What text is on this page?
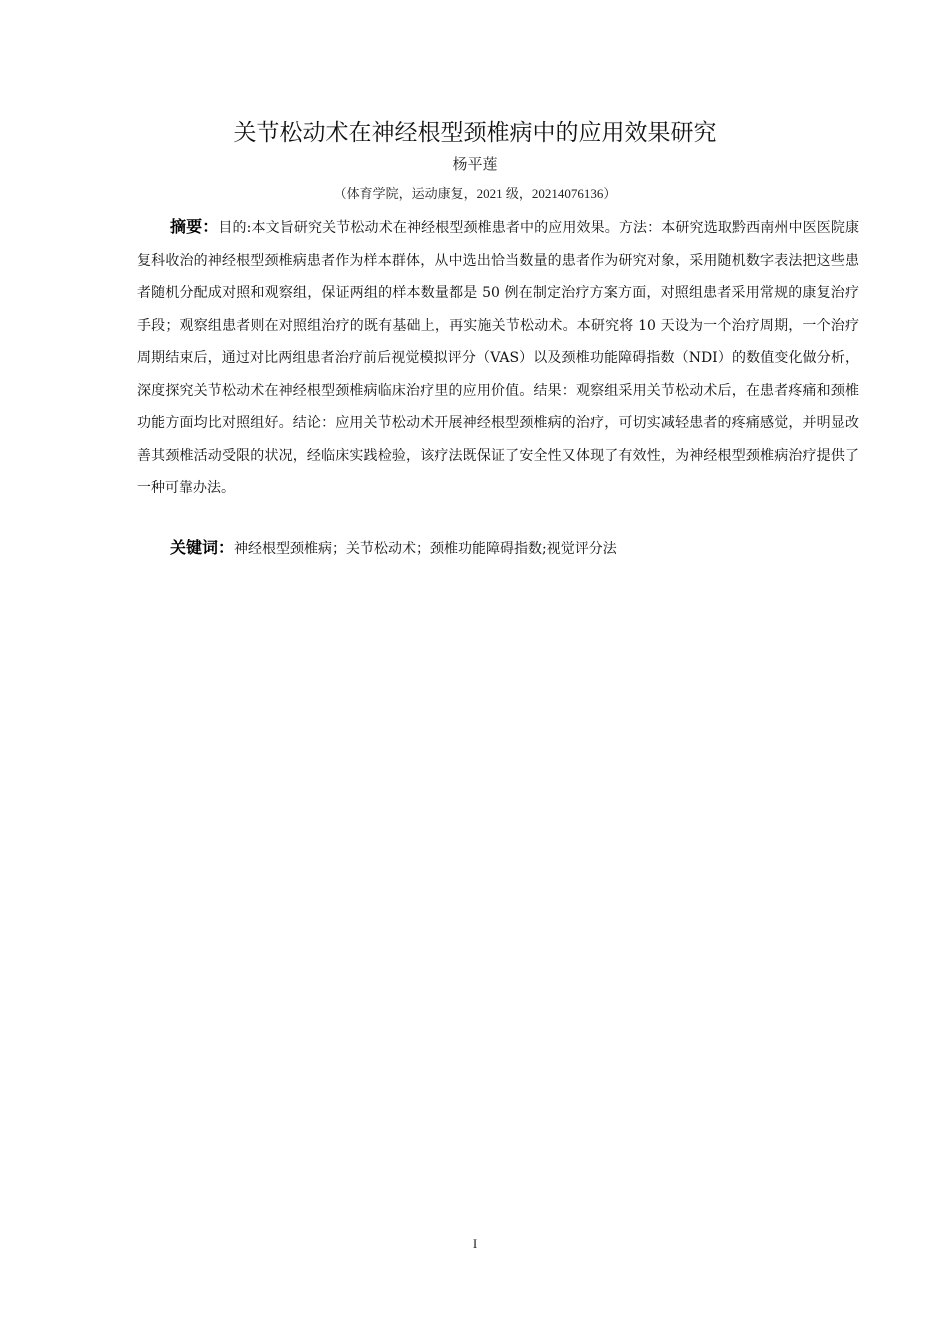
关节松动术在神经根型颈椎病中的应用效果研究
杨平莲
（体育学院，运动康复，2021 级，20214076136）

摘要：目的:本文旨研究关节松动术在神经根型颈椎患者中的应用效果。方法：本研究选取黔西南州中医医院康复科收治的神经根型颈椎病患者作为样本群体，从中选出恰当数量的患者作为研究对象，采用随机数字表法把这些患者随机分配成对照和观察组，保证两组的样本数量都是 50 例在制定治疗方案方面，对照组患者采用常规的康复治疗手段；观察组患者则在对照组治疗的既有基础上，再实施关节松动术。本研究将 10 天设为一个治疗周期，一个治疗周期结束后，通过对比两组患者治疗前后视觉模拟评分（VAS）以及颈椎功能障碍指数（NDI）的数值变化做分析，深度探究关节松动术在神经根型颈椎病临床治疗里的应用价值。结果：观察组采用关节松动术后，在患者疼痛和颈椎功能方面均比对照组好。结论：应用关节松动术开展神经根型颈椎病的治疗，可切实减轻患者的疼痛感觉，并明显改善其颈椎活动受限的状况，经临床实践检验，该疗法既保证了安全性又体现了有效性，为神经根型颈椎病治疗提供了一种可靠办法。

关键词：神经根型颈椎病；关节松动术；颈椎功能障碍指数;视觉评分法

I
